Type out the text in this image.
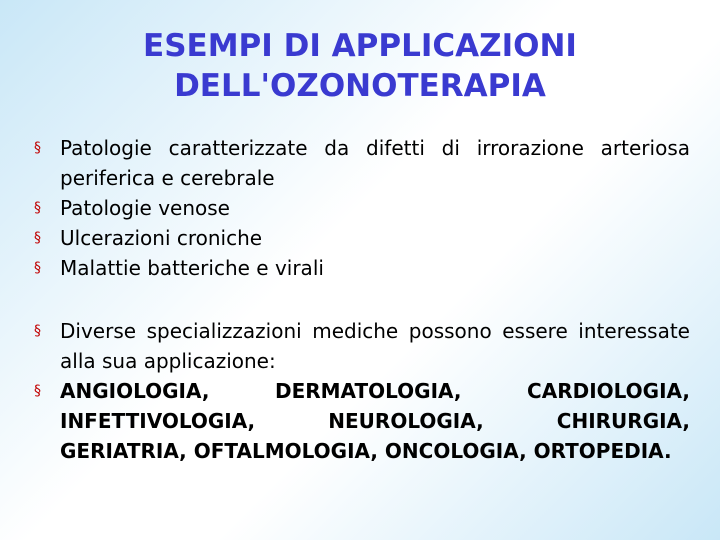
ESEMPI DI APPLICAZIONI
DELL'OZONOTERAPIA
§ Patologie caratterizzate da difetti di irrorazione arteriosa periferica e cerebrale
§ Patologie venose
§ Ulcerazioni croniche
§ Malattie batteriche e virali
§ Diverse specializzazioni mediche possono essere interessate alla sua applicazione:
§ ANGIOLOGIA, DERMATOLOGIA, CARDIOLOGIA, INFETTIVOLOGIA, NEUROLOGIA, CHIRURGIA, GERIATRIA, OFTALMOLOGIA, ONCOLOGIA, ORTOPEDIA.
